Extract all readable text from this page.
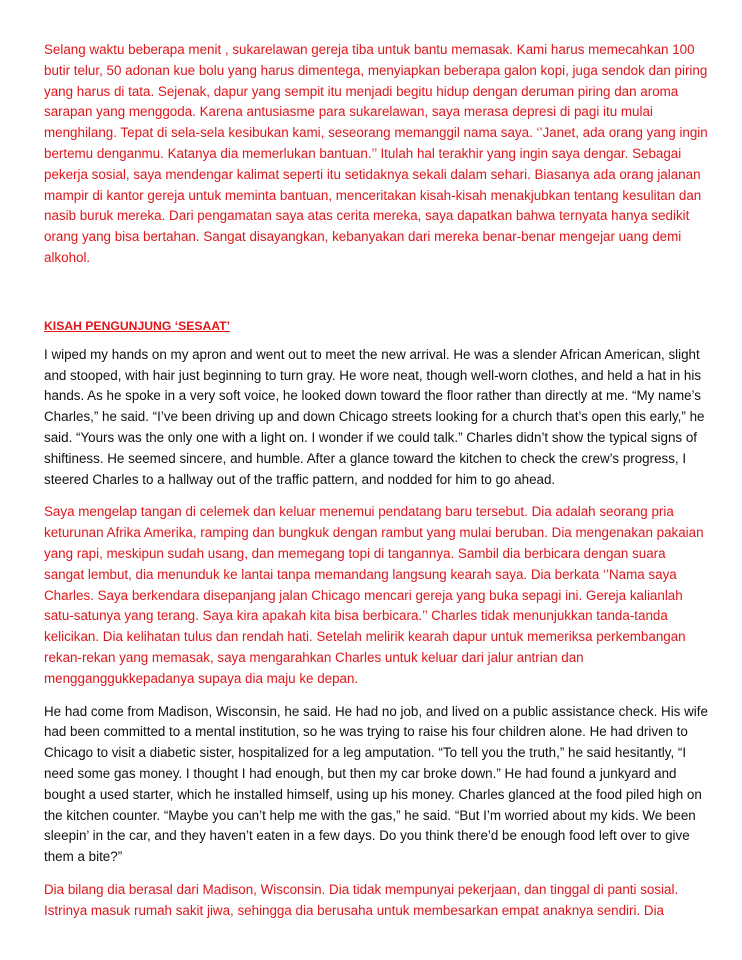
Selang waktu beberapa menit , sukarelawan gereja tiba untuk bantu memasak. Kami harus memecahkan 100 butir telur, 50 adonan kue bolu yang harus dimentega, menyiapkan beberapa galon kopi, juga sendok dan piring yang harus di tata. Sejenak, dapur yang sempit itu menjadi begitu hidup dengan deruman piring dan aroma sarapan yang menggoda. Karena antusiasme para sukarelawan, saya merasa depresi di pagi itu mulai menghilang. Tepat di sela-sela kesibukan kami, seseorang memanggil nama saya. ‘’Janet, ada orang yang ingin bertemu denganmu. Katanya dia memerlukan bantuan.’’ Itulah hal terakhir yang ingin saya dengar. Sebagai pekerja sosial, saya mendengar kalimat seperti itu setidaknya sekali dalam sehari. Biasanya ada orang jalanan mampir di kantor gereja untuk meminta bantuan, menceritakan kisah-kisah menakjubkan tentang kesulitan dan nasib buruk mereka. Dari pengamatan saya atas cerita mereka, saya dapatkan bahwa ternyata hanya sedikit orang yang bisa bertahan. Sangat disayangkan, kebanyakan dari mereka benar-benar mengejar uang demi alkohol.

KISAH PENGUNJUNG ‘SESAAT’

I wiped my hands on my apron and went out to meet the new arrival. He was a slender African American, slight and stooped, with hair just beginning to turn gray. He wore neat, though well-worn clothes, and held a hat in his hands. As he spoke in a very soft voice, he looked down toward the floor rather than directly at me. “My name’s Charles,” he said. “I’ve been driving up and down Chicago streets looking for a church that’s open this early,” he said. “Yours was the only one with a light on. I wonder if we could talk.” Charles didn’t show the typical signs of shiftiness. He seemed sincere, and humble. After a glance toward the kitchen to check the crew’s progress, I steered Charles to a hallway out of the traffic pattern, and nodded for him to go ahead.

Saya mengelap tangan di celemek dan keluar menemui pendatang baru tersebut. Dia adalah seorang pria keturunan Afrika Amerika, ramping dan bungkuk dengan rambut yang mulai beruban. Dia mengenakan pakaian yang rapi, meskipun sudah usang, dan memegang topi di tangannya. Sambil dia berbicara dengan suara sangat lembut, dia menunduk ke lantai tanpa memandang langsung kearah saya. Dia berkata ‘’Nama saya Charles. Saya berkendara disepanjang jalan Chicago mencari gereja yang buka sepagi ini. Gereja kalianlah satu-satunya yang terang. Saya kira apakah kita bisa berbicara.’’ Charles tidak menunjukkan tanda-tanda kelicikan. Dia kelihatan tulus dan rendah hati. Setelah melirik kearah dapur untuk memeriksa perkembangan rekan-rekan yang memasak, saya mengarahkan Charles untuk keluar dari jalur antrian dan mengganggukkepadanya supaya dia maju ke depan.

He had come from Madison, Wisconsin, he said. He had no job, and lived on a public assistance check. His wife had been committed to a mental institution, so he was trying to raise his four children alone. He had driven to Chicago to visit a diabetic sister, hospitalized for a leg amputation. “To tell you the truth,” he said hesitantly, “I need some gas money. I thought I had enough, but then my car broke down.” He had found a junkyard and bought a used starter, which he installed himself, using up his money. Charles glanced at the food piled high on the kitchen counter. “Maybe you can’t help me with the gas,” he said. “But I’m worried about my kids. We been sleepin’ in the car, and they haven’t eaten in a few days. Do you think there’d be enough food left over to give them a bite?”

Dia bilang dia berasal dari Madison, Wisconsin. Dia tidak mempunyai pekerjaan, dan tinggal di panti sosial. Istrinya masuk rumah sakit jiwa, sehingga dia berusaha untuk membesarkan empat anaknya sendiri. Dia
